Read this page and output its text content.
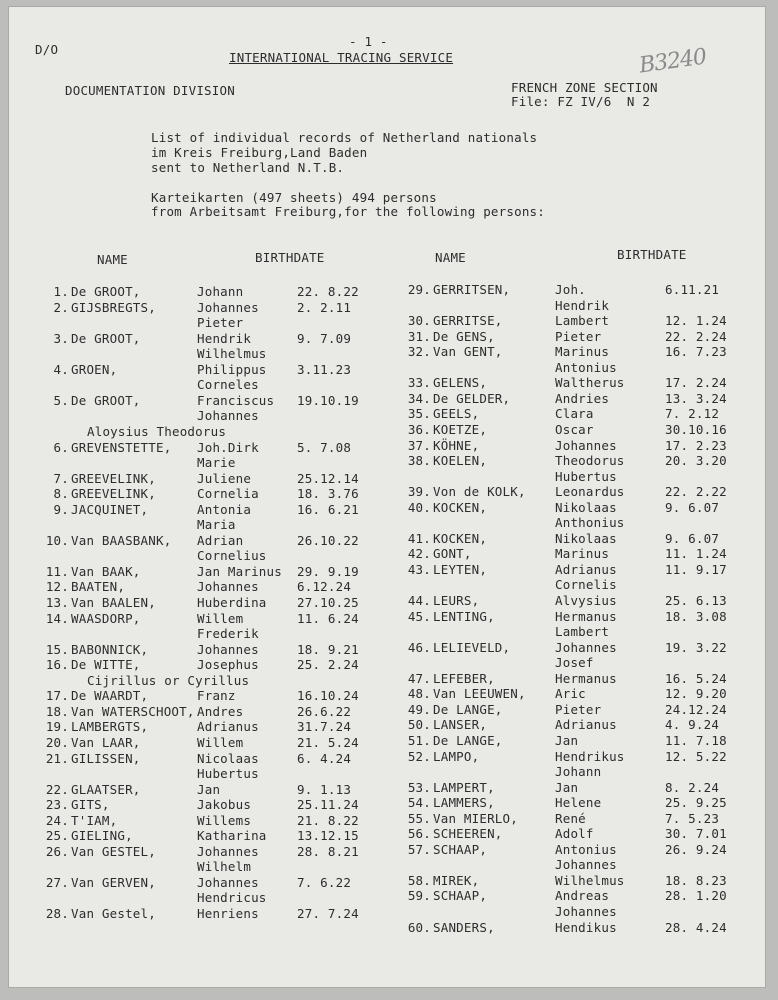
B3240
D/O
- 1 -
INTERNATIONAL TRACING SERVICE
DOCUMENTATION DIVISION	FRENCH ZONE SECTION
File: FZ IV/6  N 2
List of individual records of Netherland nationals
im Kreis Freiburg,Land Baden
sent to Netherland N.T.B.
Karteikarten (497 sheets) 494 persons
from Arbeitsamt Freiburg,for the following persons:
NAME	BIRTHDATE	NAME	BIRTHDATE
1. De GROOT,	Johann	22. 8.22
2. GIJSBREGTS,	Johannes	2. 2.11
Pieter
3. De GROOT,	Hendrik	9. 7.09
Wilhelmus
4. GROEN,	Philippus 3.11.23
Corneles
5. De GROOT,	Franciscus 19.10.19
Johannes
Aloysius Theodorus
6. GREVENSTETTE, Joh.Dirk	5. 7.08
Marie
7. GREEVELINK,	Juliene	25.12.14
8. GREEVELINK,	Cornelia	18. 3.76
9. JACQUINET,	Antonia	16. 6.21
Maria
10. Van BAASBANK, Adrian	26.10.22
Cornelius
11. Van BAAK,	Jan Marinus 29. 9.19
12. BAATEN,	Johannes	6.12.24
13. Van BAALEN,	Huberdina 27.10.25
14. WAASDORP,	Willem	11. 6.24
Frederik
15. BABONNICK,	Johannes	18. 9.21
16. De WITTE,	Josephus	25. 2.24
Cijrillus or Cyrillus
17. De WAARDT,	Franz	16.10.24
18. Van WATERSCHOOT, Andres	26.6.22
19. LAMBERGTS,	Adrianus	31.7.24
20. Van LAAR,	Willem	21. 5.24
21. GILISSEN,	Nicolaas	6. 4.24
Hubertus
22. GLAATSER,	Jan	9. 1.13
23. GITS,	Jakobus	25.11.24
24. T'IAM,	Willems	21. 8.22
25. GIELING,	Katharina 13.12.15
26. Van GESTEL,	Johannes	28. 8.21
Wilhelm
27. Van GERVEN,	Johannes	7. 6.22
Hendricus
28. Van Gestel,	Henriens	27. 7.24
29. GERRITSEN,	Joh.	6.11.21
Hendrik
30. GERRITSE,	Lambert	12. 1.24
31. De GENS,	Pieter	22. 2.24
32. Van GENT,	Marinus	16. 7.23
Antonius
33. GELENS,	Waltherus	17. 2.24
34. De GELDER,	Andries	13. 3.24
35. GEELS,	Clara	7. 2.12
36. KOETZE,	Oscar	30.10.16
37. KÖHNE,	Johannes	17. 2.23
38. KOELEN,	Theodorus	20. 3.20
Hubertus
39. Von de KOLK, Leonardus	22. 2.22
40. KOCKEN,	Nikolaas	9. 6.07
Anthonius
41. KOCKEN,	Nikolaas	9. 6.07
42. GONT,	Marinus	11. 1.24
43. LEYTEN,	Adrianus	11. 9.17
Cornelis
44. LEURS,	Alvysius	25. 6.13
45. LENTING,	Hermanus	18. 3.08
Lambert
46. LELIEVELD,	Johannes	19. 3.22
Josef
47. LEFEBER,	Hermanus	16. 5.24
48. Van LEEUWEN, Aric	12. 9.20
49. De LANGE,	Pieter	24.12.24
50. LANSER,	Adrianus	4. 9.24
51. De LANGE,	Jan	11. 7.18
52. LAMPO,	Hendrikus	12. 5.22
Johann
53. LAMPERT,	Jan	8. 2.24
54. LAMMERS,	Helene	25. 9.25
55. Van MIERLO,	René	7. 5.23
56. SCHEEREN,	Adolf	30. 7.01
57. SCHAAP,	Antonius	26. 9.24
Johannes
58. MIREK,	Wilhelmus	18. 8.23
59. SCHAAP,	Andreas	28. 1.20
Johannes
60. SANDERS,	Hendikus	28. 4.24
